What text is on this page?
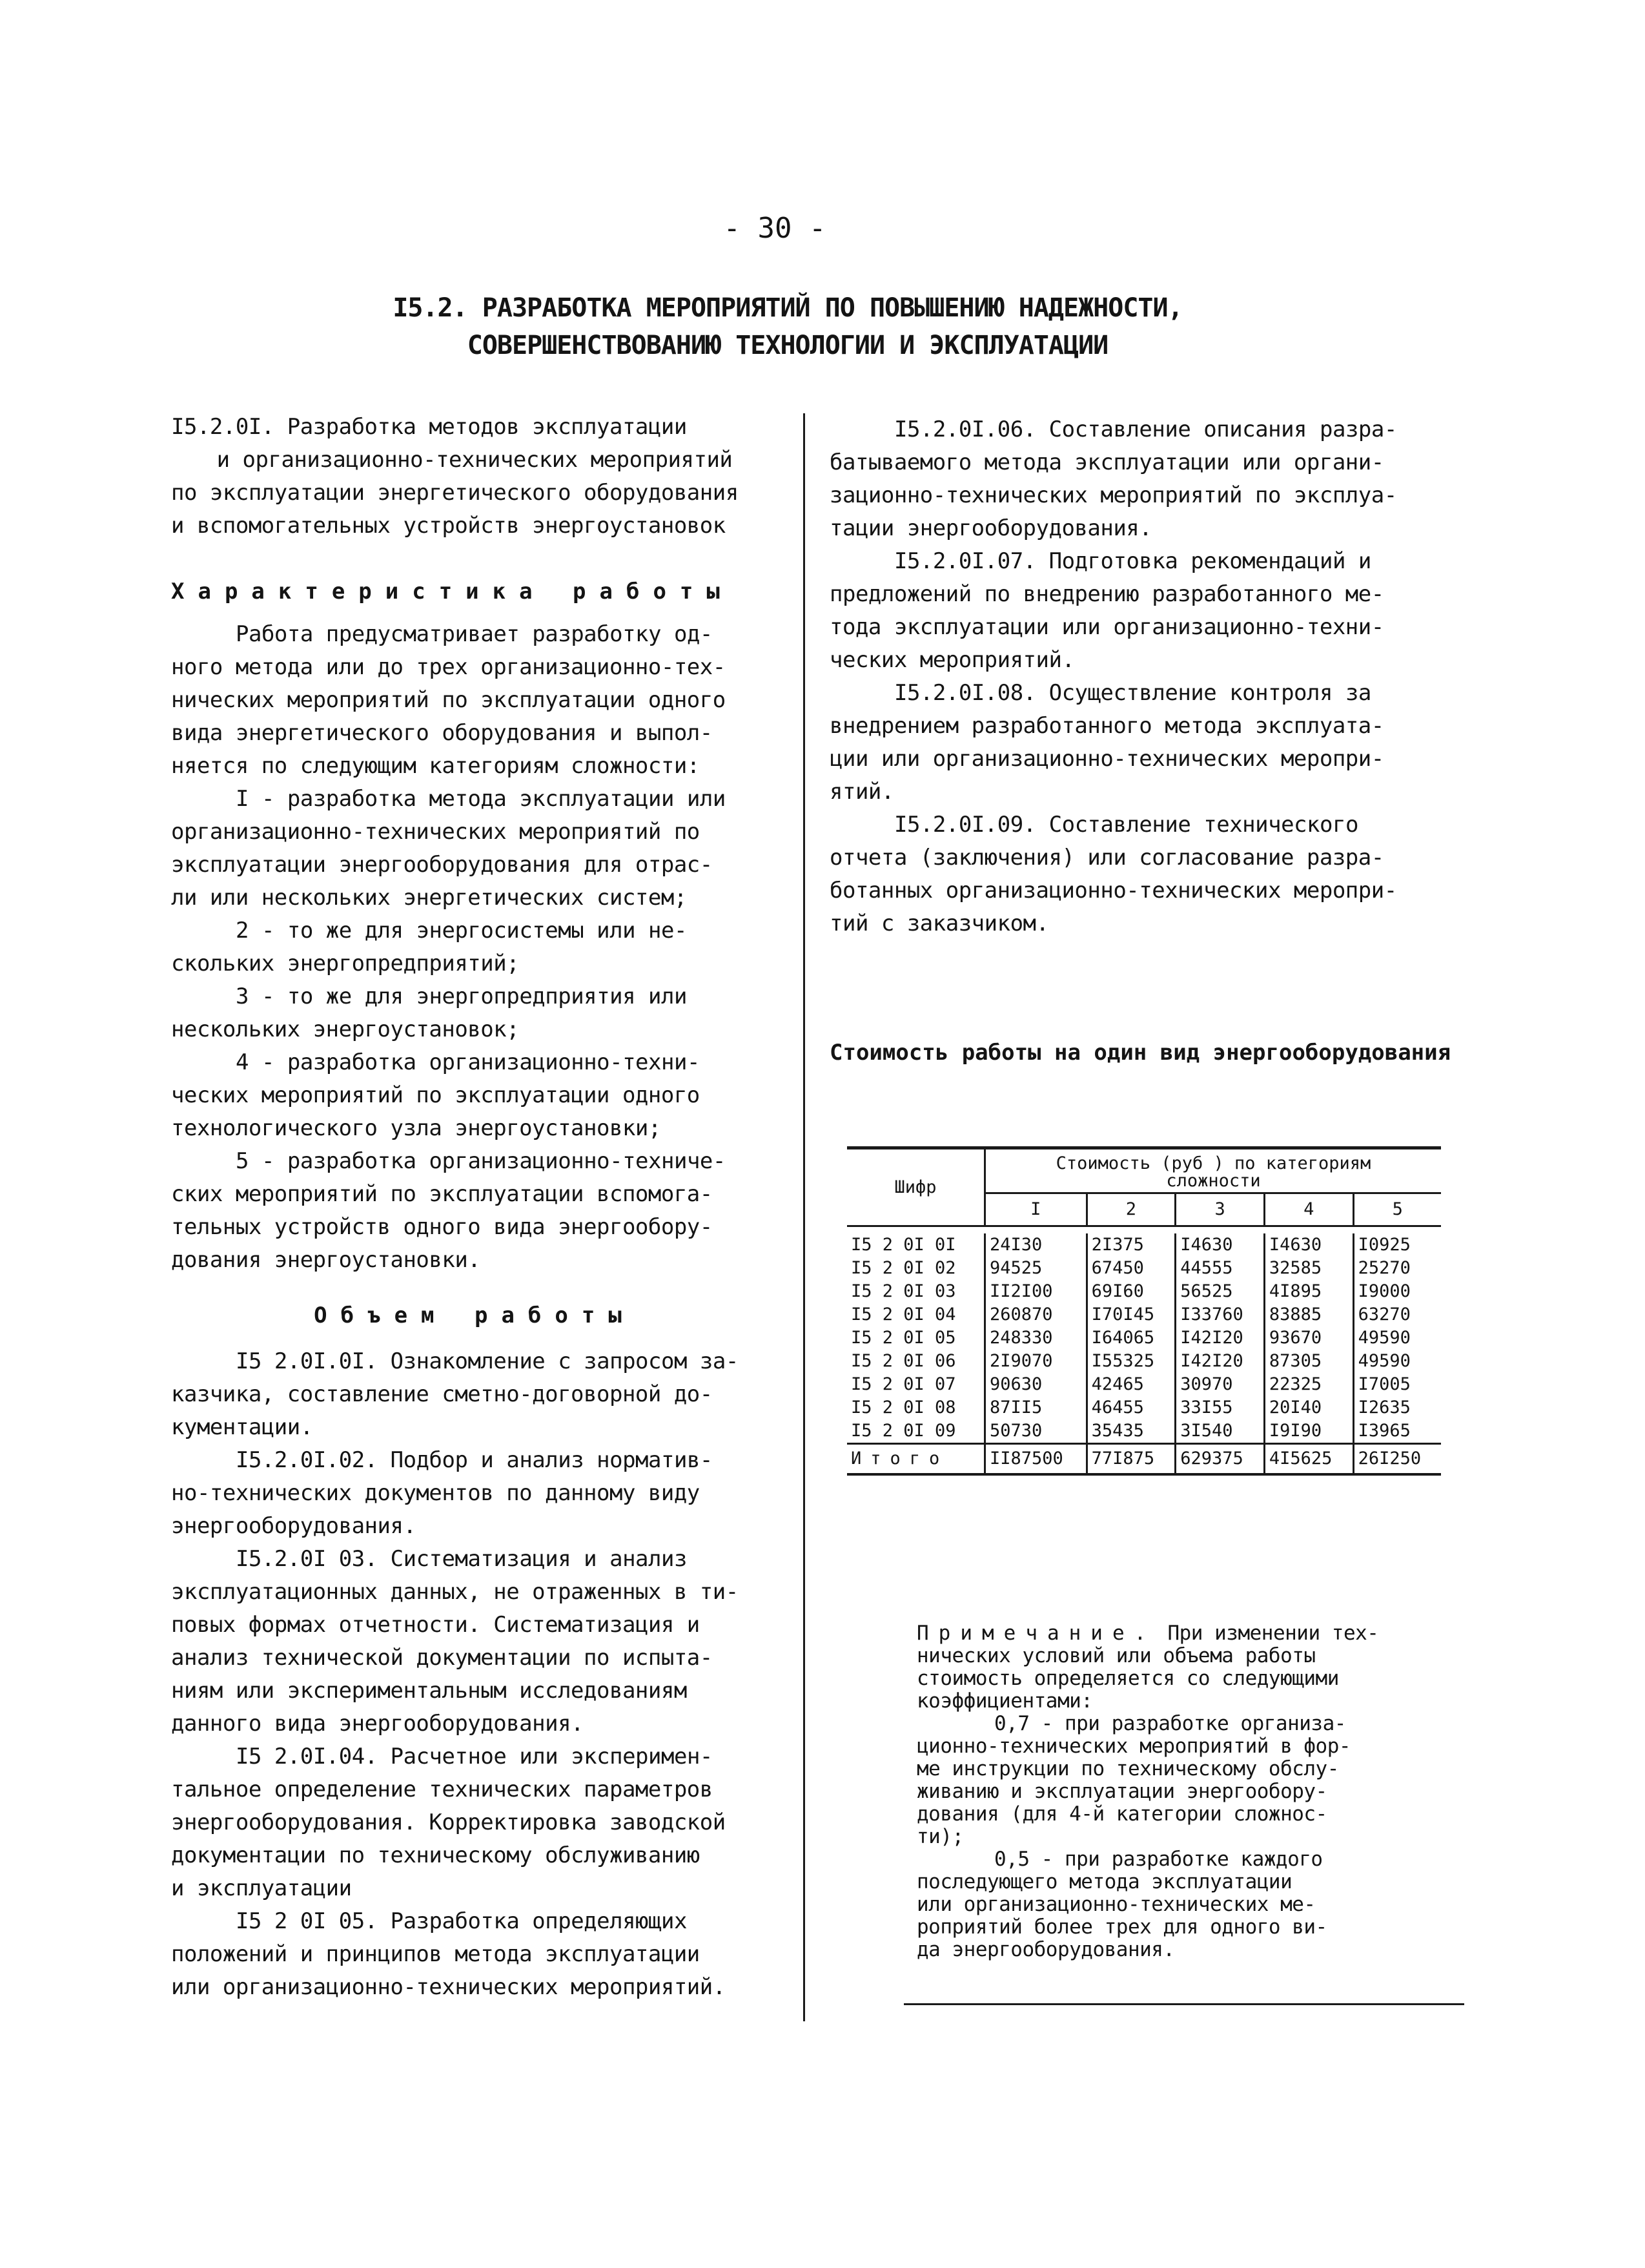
- 30 -
I5.2. РАЗРАБОТКА МЕРОПРИЯТИЙ ПО ПОВЫШЕНИЮ НАДЕЖНОСТИ,
СОВЕРШЕНСТВОВАНИЮ ТЕХНОЛОГИИ И ЭКСПЛУАТАЦИИ

I5.2.0I. Разработка методов эксплуатации

и организационно-технических мероприятий

по эксплуатации энергетического оборудования

и вспомогательных устройств энергоустановок

Характеристика работы

Работа предусматривает разработку од-

ного метода или до трех организационно-тех-

нических мероприятий по эксплуатации одного

вида энергетического оборудования и выпол-

няется по следующим категориям сложности:

I - разработка метода эксплуатации или

организационно-технических мероприятий по

эксплуатации энергооборудования для отрас-

ли или нескольких энергетических систем;

2 - то же для энергосистемы или не-

скольких энергопредприятий;

3 - то же для энергопредприятия или

нескольких энергоустановок;

4 - разработка организационно-техни-

ческих мероприятий по эксплуатации одного

технологического узла энергоустановки;

5 - разработка организационно-техниче-

ских мероприятий по эксплуатации вспомога-

тельных устройств одного вида энергообору-

дования энергоустановки.

Объем работы

I5 2.0I.0I. Ознакомление с запросом за-

казчика, составление сметно-договорной до-

кументации.

I5.2.0I.02. Подбор и анализ норматив-

но-технических документов по данному виду

энергооборудования.

I5.2.0I 03. Систематизация и анализ

эксплуатационных данных, не отраженных в ти-

повых формах отчетности. Систематизация и

анализ технической документации по испыта-

ниям или экспериментальным исследованиям

данного вида энергооборудования.

I5 2.0I.04. Расчетное или эксперимен-

тальное определение технических параметров

энергооборудования. Корректировка заводской

документации по техническому обслуживанию

и эксплуатации

I5 2 0I 05. Разработка определяющих

положений и принципов метода эксплуатации

или организационно-технических мероприятий.

I5.2.0I.06. Составление описания разра-

батываемого метода эксплуатации или органи-

зационно-технических мероприятий по эксплуа-

тации энергооборудования.

I5.2.0I.07. Подготовка рекомендаций и

предложений по внедрению разработанного ме-

тода эксплуатации или организационно-техни-

ческих мероприятий.

I5.2.0I.08. Осуществление контроля за

внедрением разработанного метода эксплуата-

ции или организационно-технических меропри-

ятий.

I5.2.0I.09. Составление технического

отчета (заключения) или согласование разра-

ботанных организационно-технических меропри-

тий с заказчиком.

Стоимость работы на один вид энергооборудования
Шифр	Стоимость (руб ) по категориям сложности				
	I	2	3	4	5

I5 2 0I 0I	24I30	2I375	I4630	I4630	I0925
I5 2 0I 02	94525	67450	44555	32585	25270
I5 2 0I 03	II2I00	69I60	56525	4I895	I9000
I5 2 0I 04	260870	I70I45	I33760	83885	63270
I5 2 0I 05	248330	I64065	I42I20	93670	49590
I5 2 0I 06	2I9070	I55325	I42I20	87305	49590
I5 2 0I 07	90630	42465	30970	22325	I7005
I5 2 0I 08	87II5	46455	33I55	20I40	I2635
I5 2 0I 09	50730	35435	3I540	I9I90	I3965
Итого	II87500	77I875	629375	4I5625	26I250

Примечание. При изменении тех-

нических условий или объема работы

стоимость определяется со следующими

коэффициентами:

0,7 - при разработке организа-

ционно-технических мероприятий в фор-

ме инструкции по техническому обслу-

живанию и эксплуатации энергообору-

дования (для 4-й категории сложнос-

ти);

0,5 - при разработке каждого

последующего метода эксплуатации

или организационно-технических ме-

роприятий более трех для одного ви-

да энергооборудования.
